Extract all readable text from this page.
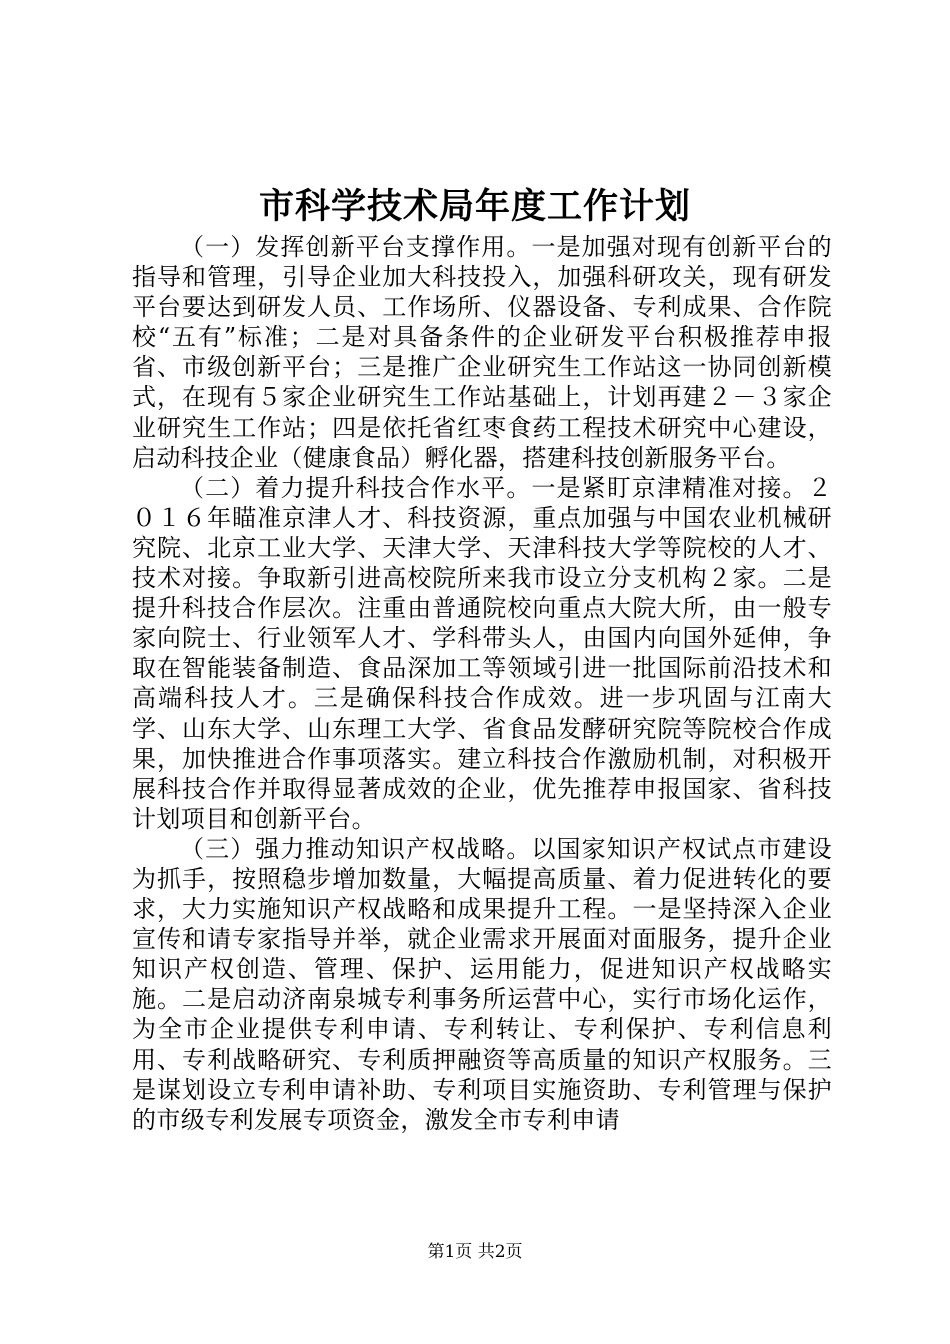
市科学技术局年度工作计划

（一）发挥创新平台支撑作用。一是加强对现有创新平台的指导和管理，引导企业加大科技投入，加强科研攻关，现有研发平台要达到研发人员、工作场所、仪器设备、专利成果、合作院校“五有”标准；二是对具备条件的企业研发平台积极推荐申报省、市级创新平台；三是推广企业研究生工作站这一协同创新模式，在现有５家企业研究生工作站基础上，计划再建２－３家企业研究生工作站；四是依托省红枣食药工程技术研究中心建设，启动科技企业（健康食品）孵化器，搭建科技创新服务平台。

（二）着力提升科技合作水平。一是紧盯京津精准对接。２０１６年瞄准京津人才、科技资源，重点加强与中国农业机械研究院、北京工业大学、天津大学、天津科技大学等院校的人才、技术对接。争取新引进高校院所来我市设立分支机构２家。二是提升科技合作层次。注重由普通院校向重点大院大所，由一般专家向院士、行业领军人才、学科带头人，由国内向国外延伸，争取在智能装备制造、食品深加工等领域引进一批国际前沿技术和高端科技人才。三是确保科技合作成效。进一步巩固与江南大学、山东大学、山东理工大学、省食品发酵研究院等院校合作成果，加快推进合作事项落实。建立科技合作激励机制，对积极开展科技合作并取得显著成效的企业，优先推荐申报国家、省科技计划项目和创新平台。

（三）强力推动知识产权战略。以国家知识产权试点市建设为抓手，按照稳步增加数量，大幅提高质量、着力促进转化的要求，大力实施知识产权战略和成果提升工程。一是坚持深入企业宣传和请专家指导并举，就企业需求开展面对面服务，提升企业知识产权创造、管理、保护、运用能力，促进知识产权战略实施。二是启动济南泉城专利事务所运营中心，实行市场化运作，为全市企业提供专利申请、专利转让、专利保护、专利信息利用、专利战略研究、专利质押融资等高质量的知识产权服务。三是谋划设立专利申请补助、专利项目实施资助、专利管理与保护的市级专利发展专项资金，激发全市专利申请

第1页 共2页
